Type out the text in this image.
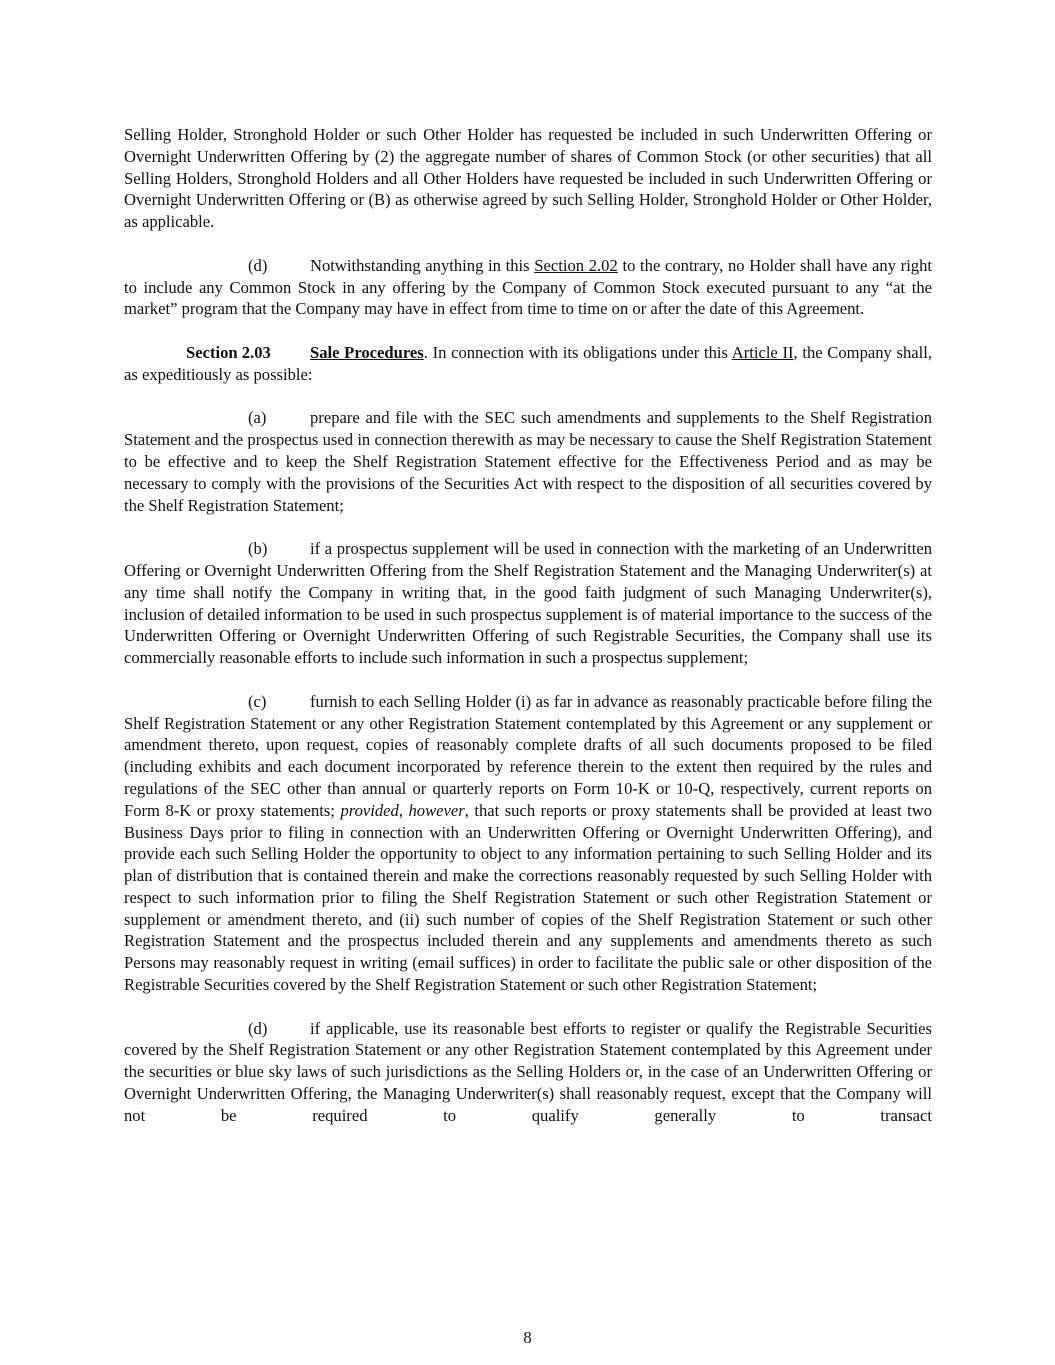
Selling Holder, Stronghold Holder or such Other Holder has requested be included in such Underwritten Offering or Overnight Underwritten Offering by (2) the aggregate number of shares of Common Stock (or other securities) that all Selling Holders, Stronghold Holders and all Other Holders have requested be included in such Underwritten Offering or Overnight Underwritten Offering or (B) as otherwise agreed by such Selling Holder, Stronghold Holder or Other Holder, as applicable.

(d)	Notwithstanding anything in this Section 2.02 to the contrary, no Holder shall have any right to include any Common Stock in any offering by the Company of Common Stock executed pursuant to any “at the market” program that the Company may have in effect from time to time on or after the date of this Agreement.

Section 2.03 Sale Procedures. In connection with its obligations under this Article II, the Company shall, as expeditiously as possible:

(a)	prepare and file with the SEC such amendments and supplements to the Shelf Registration Statement and the prospectus used in connection therewith as may be necessary to cause the Shelf Registration Statement to be effective and to keep the Shelf Registration Statement effective for the Effectiveness Period and as may be necessary to comply with the provisions of the Securities Act with respect to the disposition of all securities covered by the Shelf Registration Statement;

(b)	if a prospectus supplement will be used in connection with the marketing of an Underwritten Offering or Overnight Underwritten Offering from the Shelf Registration Statement and the Managing Underwriter(s) at any time shall notify the Company in writing that, in the good faith judgment of such Managing Underwriter(s), inclusion of detailed information to be used in such prospectus supplement is of material importance to the success of the Underwritten Offering or Overnight Underwritten Offering of such Registrable Securities, the Company shall use its commercially reasonable efforts to include such information in such a prospectus supplement;

(c)	furnish to each Selling Holder (i) as far in advance as reasonably practicable before filing the Shelf Registration Statement or any other Registration Statement contemplated by this Agreement or any supplement or amendment thereto, upon request, copies of reasonably complete drafts of all such documents proposed to be filed (including exhibits and each document incorporated by reference therein to the extent then required by the rules and regulations of the SEC other than annual or quarterly reports on Form 10-K or 10-Q, respectively, current reports on Form 8-K or proxy statements; provided, however, that such reports or proxy statements shall be provided at least two Business Days prior to filing in connection with an Underwritten Offering or Overnight Underwritten Offering), and provide each such Selling Holder the opportunity to object to any information pertaining to such Selling Holder and its plan of distribution that is contained therein and make the corrections reasonably requested by such Selling Holder with respect to such information prior to filing the Shelf Registration Statement or such other Registration Statement or supplement or amendment thereto, and (ii) such number of copies of the Shelf Registration Statement or such other Registration Statement and the prospectus included therein and any supplements and amendments thereto as such Persons may reasonably request in writing (email suffices) in order to facilitate the public sale or other disposition of the Registrable Securities covered by the Shelf Registration Statement or such other Registration Statement;

(d)	if applicable, use its reasonable best efforts to register or qualify the Registrable Securities covered by the Shelf Registration Statement or any other Registration Statement contemplated by this Agreement under the securities or blue sky laws of such jurisdictions as the Selling Holders or, in the case of an Underwritten Offering or Overnight Underwritten Offering, the Managing Underwriter(s) shall reasonably request, except that the Company will not be required to qualify generally to transact

8
